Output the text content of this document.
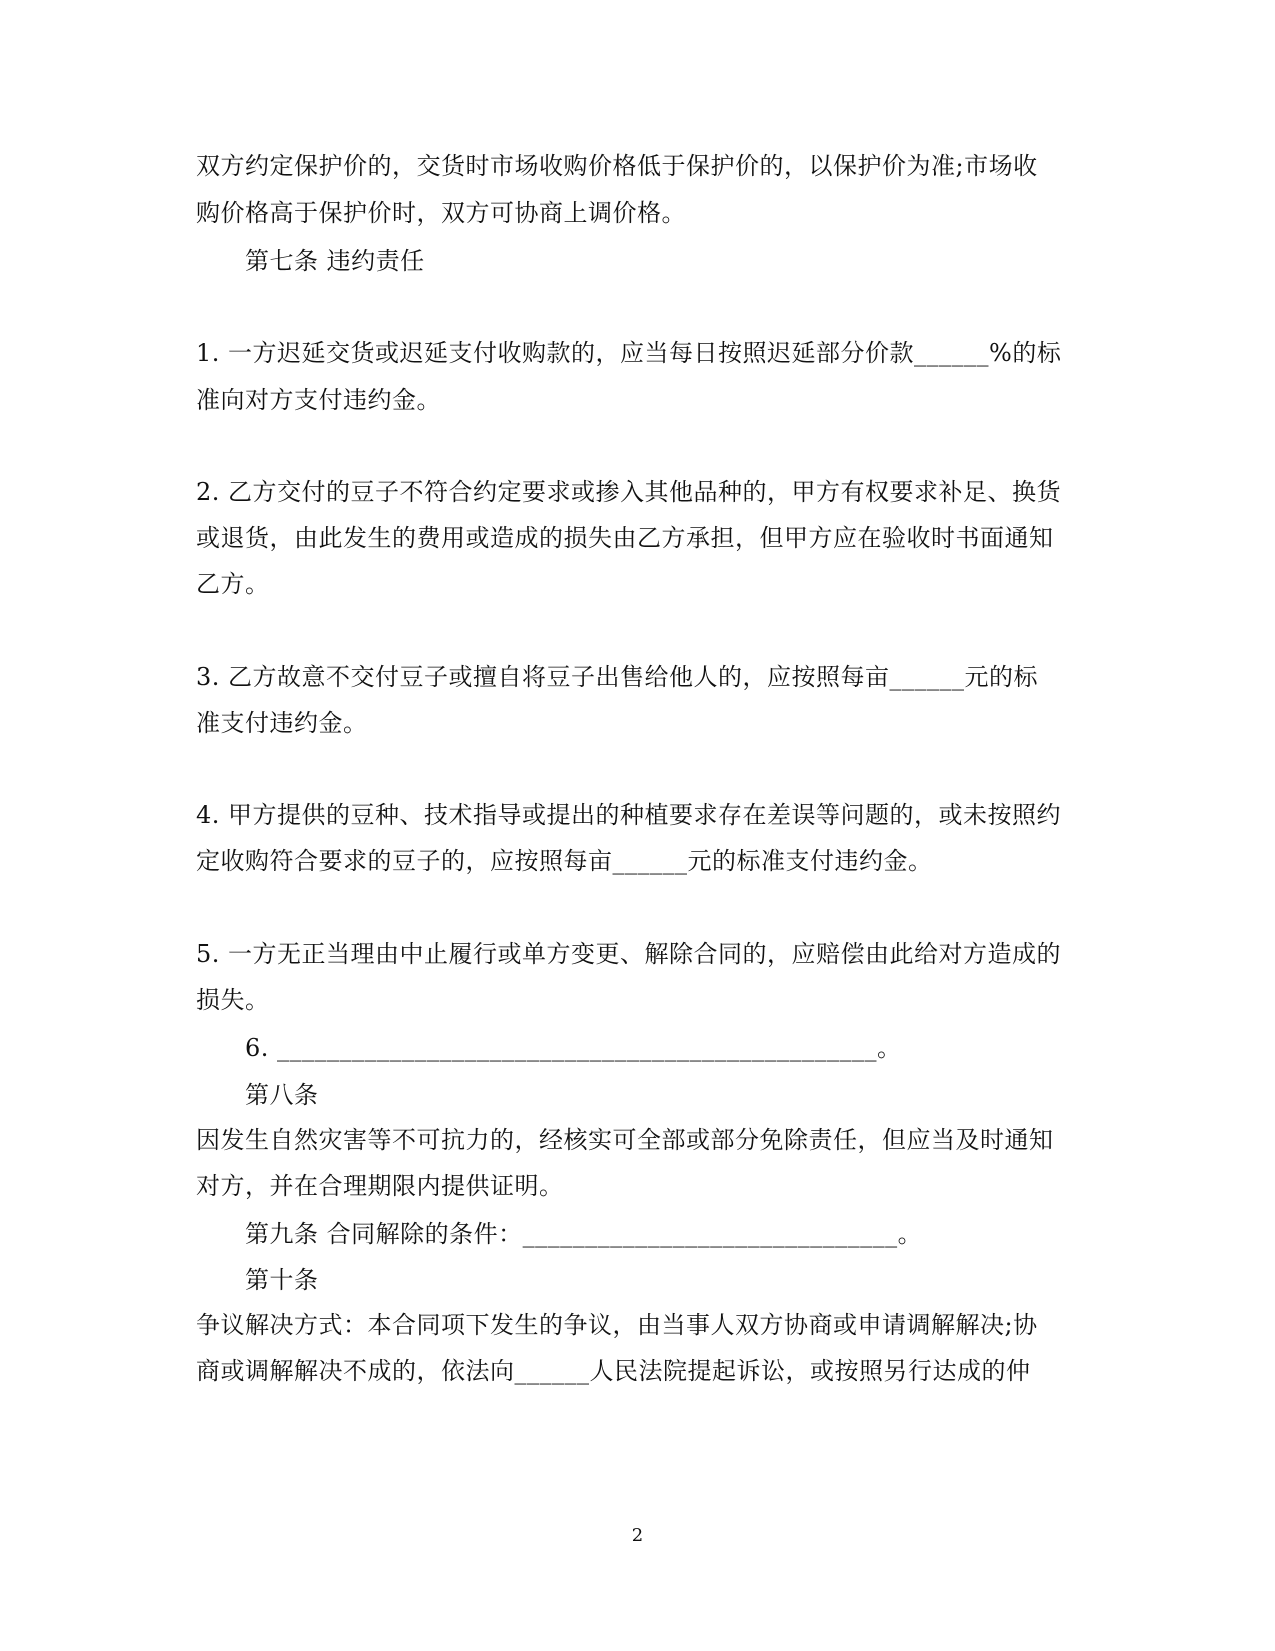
双方约定保护价的，交货时市场收购价格低于保护价的，以保护价为准;市场收
购价格高于保护价时，双方可协商上调价格。
第七条 违约责任
1. 一方迟延交货或迟延支付收购款的，应当每日按照迟延部分价款______%的标
准向对方支付违约金。
2. 乙方交付的豆子不符合约定要求或掺入其他品种的，甲方有权要求补足、换货
或退货，由此发生的费用或造成的损失由乙方承担，但甲方应在验收时书面通知
乙方。
3. 乙方故意不交付豆子或擅自将豆子出售给他人的，应按照每亩______元的标
准支付违约金。
4. 甲方提供的豆种、技术指导或提出的种植要求存在差误等问题的，或未按照约
定收购符合要求的豆子的，应按照每亩______元的标准支付违约金。
5. 一方无正当理由中止履行或单方变更、解除合同的，应赔偿由此给对方造成的
损失。
6. ________________________________________________。
第八条
因发生自然灾害等不可抗力的，经核实可全部或部分免除责任，但应当及时通知
对方，并在合理期限内提供证明。
第九条 合同解除的条件：______________________________。
第十条
争议解决方式：本合同项下发生的争议，由当事人双方协商或申请调解解决;协
商或调解解决不成的，依法向______人民法院提起诉讼，或按照另行达成的仲
2
